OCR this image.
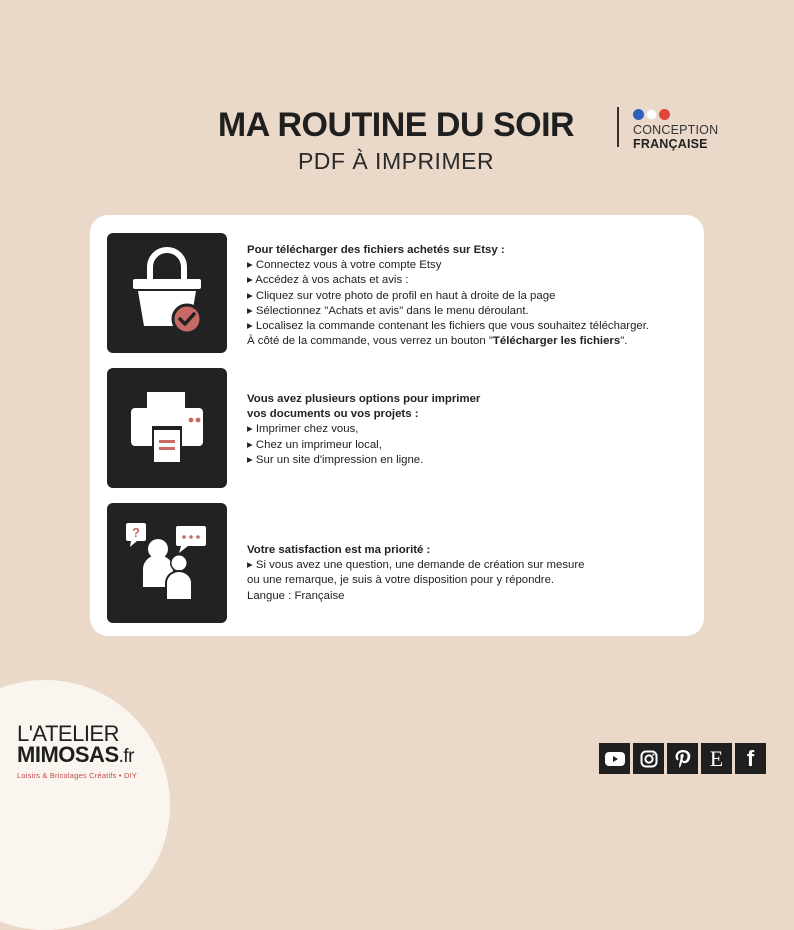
MA ROUTINE DU SOIR
PDF À IMPRIMER
CONCEPTION
FRANÇAISE
Pour télécharger des fichiers achetés sur Etsy :
▸ Connectez vous à votre compte Etsy
▸ Accédez à vos achats et avis :
▸ Cliquez sur votre photo de profil en haut à droite de la page
▸ Sélectionnez "Achats et avis" dans le menu déroulant.
▸ Localisez la commande contenant les fichiers que vous souhaitez télécharger.
À côté de la commande, vous verrez un bouton "Télécharger les fichiers".
Vous avez plusieurs options pour imprimer
vos documents ou vos projets :
▸ Imprimer chez vous,
▸ Chez un imprimeur local,
▸ Sur un site d'impression en ligne.
?
Votre satisfaction est ma priorité :
▸ Si vous avez une question, une demande de création sur mesure
ou une remarque, je suis à votre disposition pour y répondre.
Langue : Française
L'ATELIER
MIMOSAS.fr
Loisirs & Bricolages Créatifs • DIY
E f
